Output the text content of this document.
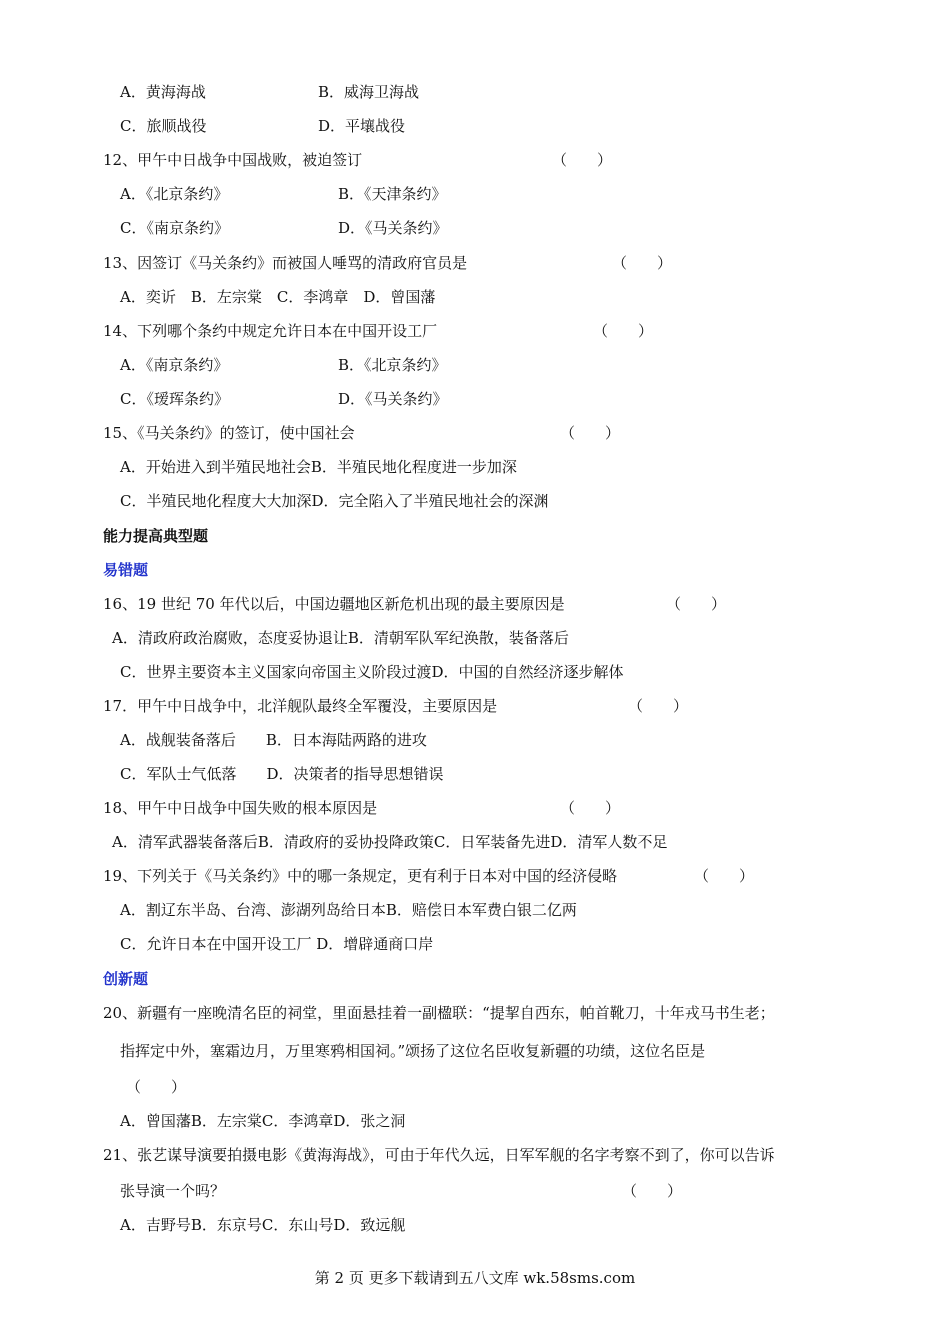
A．黄海海战	B．威海卫海战
C．旅顺战役	D．平壤战役
12、甲午中日战争中国战败，被迫签订	（　　）
A．《北京条约》	B．《天津条约》
C．《南京条约》	D．《马关条约》
13、因签订《马关条约》而被国人唾骂的清政府官员是	（　　）
A．奕䜣　B．左宗棠　C．李鸿章　D．曾国藩
14、下列哪个条约中规定允许日本在中国开设工厂	（　　）
A．《南京条约》	B．《北京条约》
C．《瑷珲条约》	D．《马关条约》
15、《马关条约》的签订，使中国社会	（　　）
A．开始进入到半殖民地社会B．半殖民地化程度进一步加深
C．半殖民地化程度大大加深D．完全陷入了半殖民地社会的深渊
能力提高典型题
易错题
16、19 世纪 70 年代以后，中国边疆地区新危机出现的最主要原因是	（　　）
A．清政府政治腐败，态度妥协退让B．清朝军队军纪涣散，装备落后
C．世界主要资本主义国家向帝国主义阶段过渡D．中国的自然经济逐步解体
17．甲午中日战争中，北洋舰队最终全军覆没，主要原因是	（　　）
A．战舰装备落后　　B．日本海陆两路的进攻
C．军队士气低落　　D．决策者的指导思想错误
18、甲午中日战争中国失败的根本原因是	（　　）
A．清军武器装备落后B．清政府的妥协投降政策C．日军装备先进D．清军人数不足
19、下列关于《马关条约》中的哪一条规定，更有利于日本对中国的经济侵略	（　　）
A．割辽东半岛、台湾、澎湖列岛给日本B．赔偿日本军费白银二亿两
C．允许日本在中国开设工厂 D．增辟通商口岸
创新题
20、新疆有一座晚清名臣的祠堂，里面悬挂着一副楹联：“提挈自西东，帕首靴刀，十年戎马书生老；
指挥定中外，塞霜边月，万里寒鸦相国祠。”颂扬了这位名臣收复新疆的功绩，这位名臣是
（　　）
A．曾国藩B．左宗棠C．李鸿章D．张之洞
21、张艺谋导演要拍摄电影《黄海海战》，可由于年代久远，日军军舰的名字考察不到了，你可以告诉
张导演一个吗？	（　　）
A．吉野号B．东京号C．东山号D．致远舰
第 2 页 更多下载请到五八文库 wk.58sms.com
